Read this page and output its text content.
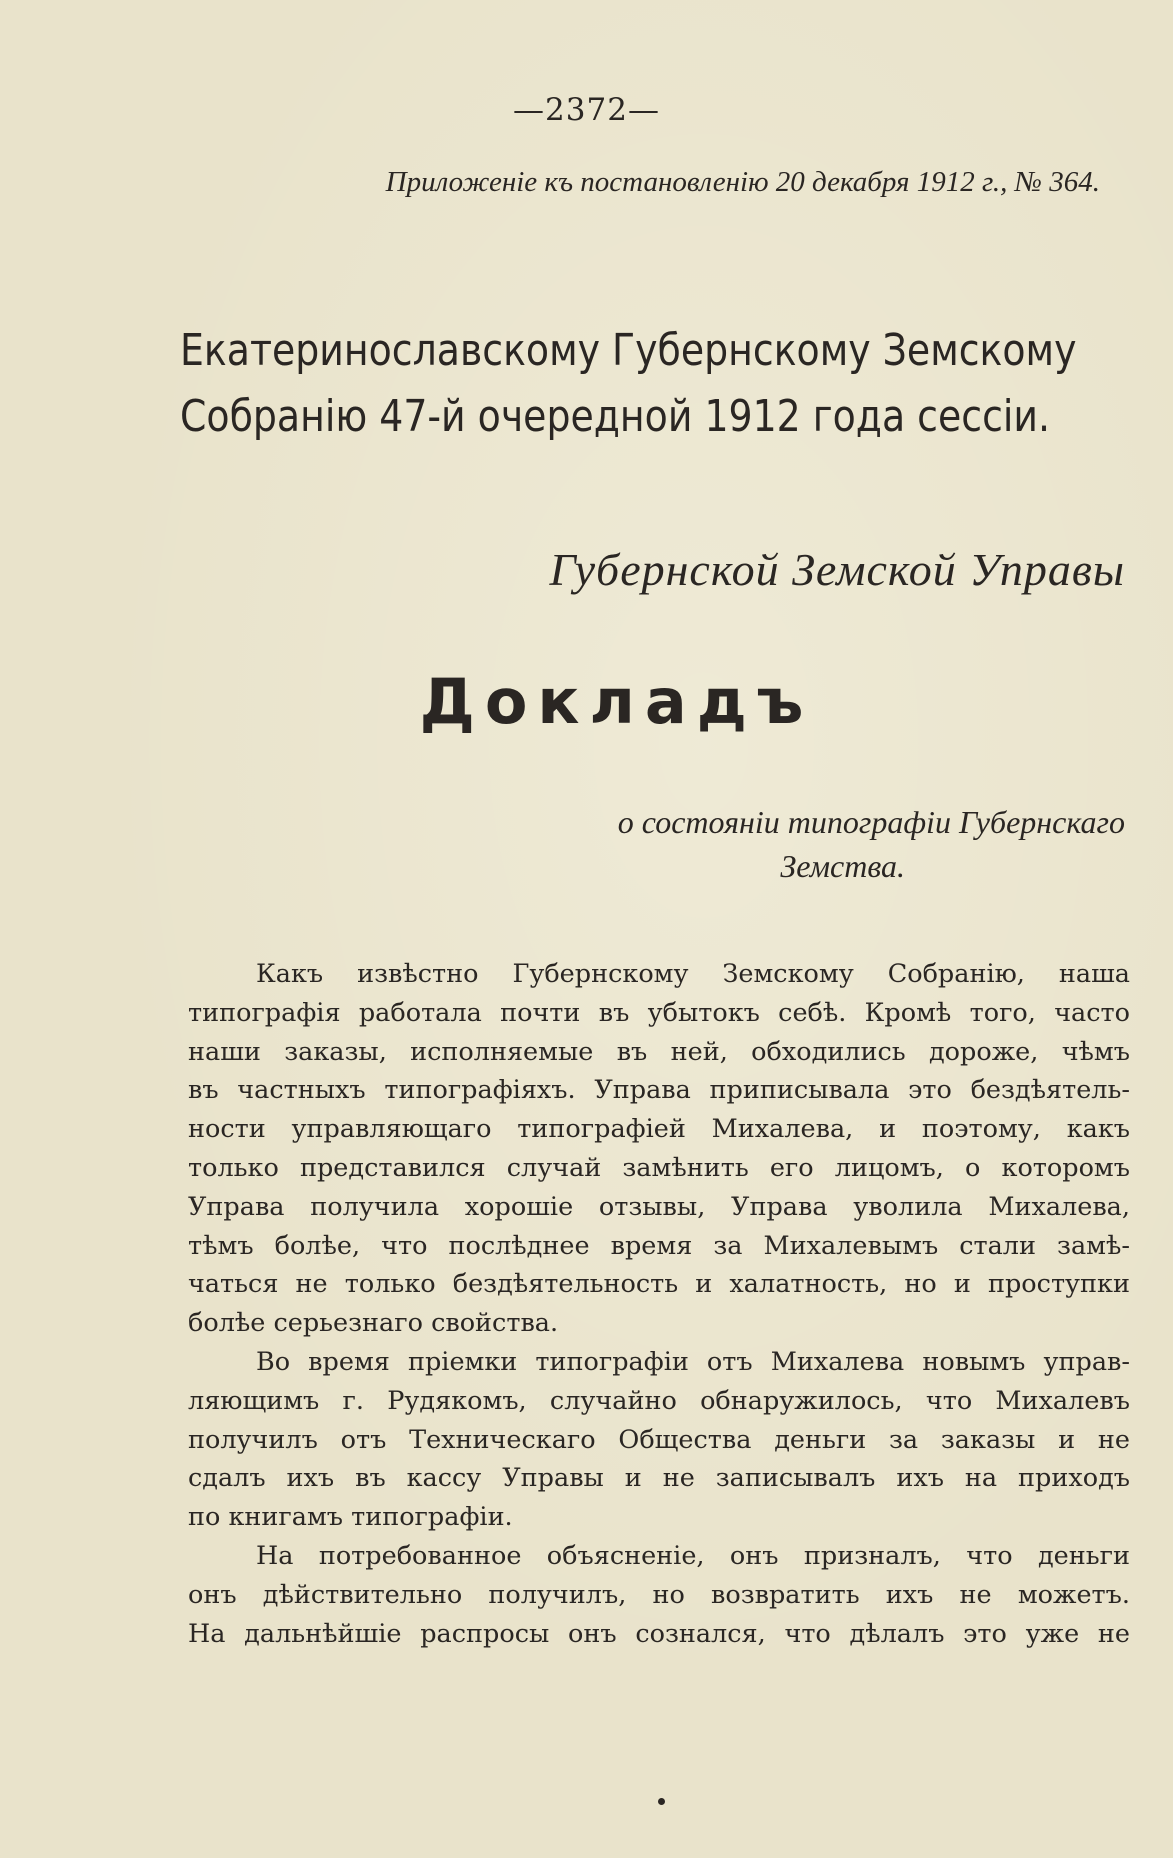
—2372—
Приложеніе къ постановленію 20 декабря 1912 г., № 364.
Екатеринославскому Губернскому Земскому
Собранію 47-й очередной 1912 года сессіи.
Губернской Земской Управы
Докладъ
о состояніи типографіи Губернскаго
Земства.
Какъ извѣстно Губернскому Земскому Собранію, наша
типографія работала почти въ убытокъ себѣ. Кромѣ того, часто
наши заказы, исполняемые въ ней, обходились дороже, чѣмъ
въ частныхъ типографіяхъ. Управа приписывала это бездѣятель-
ности управляющаго типографіей Михалева, и поэтому, какъ
только представился случай замѣнить его лицомъ, о которомъ
Управа получила хорошіе отзывы, Управа уволила Михалева,
тѣмъ болѣе, что послѣднее время за Михалевымъ стали замѣ-
чаться не только бездѣятельность и халатность, но и проступки
болѣе серьезнаго свойства.
Во время пріемки типографіи отъ Михалева новымъ управ-
ляющимъ г. Рудякомъ, случайно обнаружилось, что Михалевъ
получилъ отъ Техническаго Общества деньги за заказы и не
сдалъ ихъ въ кассу Управы и не записывалъ ихъ на приходъ
по книгамъ типографіи.
На потребованное объясненіе, онъ призналъ, что деньги
онъ дѣйствительно получилъ, но возвратить ихъ не можетъ.
На дальнѣйшіе распросы онъ сознался, что дѣлалъ это уже не
